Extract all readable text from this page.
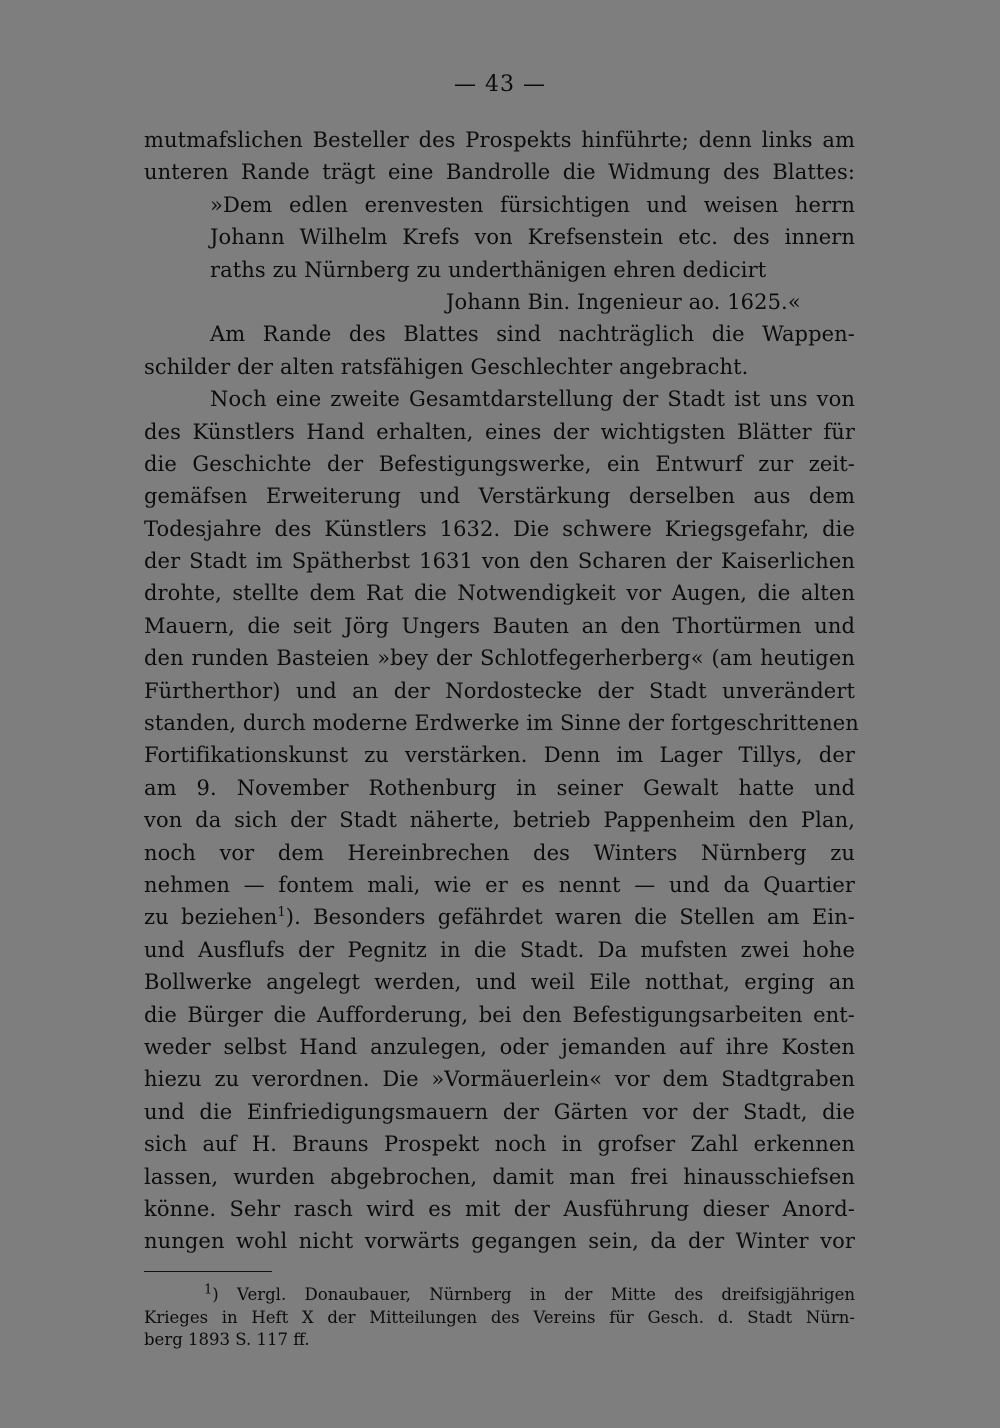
— 43 —
mutmafslichen Besteller des Prospekts hinführte; denn links am
unteren Rande trägt eine Bandrolle die Widmung des Blattes:
»Dem edlen erenvesten fürsichtigen und weisen herrn
Johann Wilhelm Krefs von Krefsenstein etc. des innern
raths zu Nürnberg zu underthänigen ehren dedicirt
Johann Bin. Ingenieur ao. 1625.«
Am Rande des Blattes sind nachträglich die Wappen-
schilder der alten ratsfähigen Geschlechter angebracht.
Noch eine zweite Gesamtdarstellung der Stadt ist uns von
des Künstlers Hand erhalten, eines der wichtigsten Blätter für
die Geschichte der Befestigungswerke, ein Entwurf zur zeit-
gemäfsen Erweiterung und Verstärkung derselben aus dem
Todesjahre des Künstlers 1632. Die schwere Kriegsgefahr, die
der Stadt im Spätherbst 1631 von den Scharen der Kaiserlichen
drohte, stellte dem Rat die Notwendigkeit vor Augen, die alten
Mauern, die seit Jörg Ungers Bauten an den Thortürmen und
den runden Basteien »bey der Schlotfegerherberg« (am heutigen
Fürtherthor) und an der Nordostecke der Stadt unverändert
standen, durch moderne Erdwerke im Sinne der fortgeschrittenen
Fortifikationskunst zu verstärken. Denn im Lager Tillys, der
am 9. November Rothenburg in seiner Gewalt hatte und
von da sich der Stadt näherte, betrieb Pappenheim den Plan,
noch vor dem Hereinbrechen des Winters Nürnberg zu
nehmen — fontem mali, wie er es nennt — und da Quartier
zu beziehen$^1$). Besonders gefährdet waren die Stellen am Ein-
und Ausflufs der Pegnitz in die Stadt. Da mufsten zwei hohe
Bollwerke angelegt werden, und weil Eile notthat, erging an
die Bürger die Aufforderung, bei den Befestigungsarbeiten ent-
weder selbst Hand anzulegen, oder jemanden auf ihre Kosten
hiezu zu verordnen. Die »Vormäuerlein« vor dem Stadtgraben
und die Einfriedigungsmauern der Gärten vor der Stadt, die
sich auf H. Brauns Prospekt noch in grofser Zahl erkennen
lassen, wurden abgebrochen, damit man frei hinausschiefsen
könne. Sehr rasch wird es mit der Ausführung dieser Anord-
nungen wohl nicht vorwärts gegangen sein, da der Winter vor
$^1$) Vergl. Donaubauer, Nürnberg in der Mitte des dreifsigjährigen
Krieges in Heft X der Mitteilungen des Vereins für Gesch. d. Stadt Nürn-
berg 1893 S. 117 ff.
